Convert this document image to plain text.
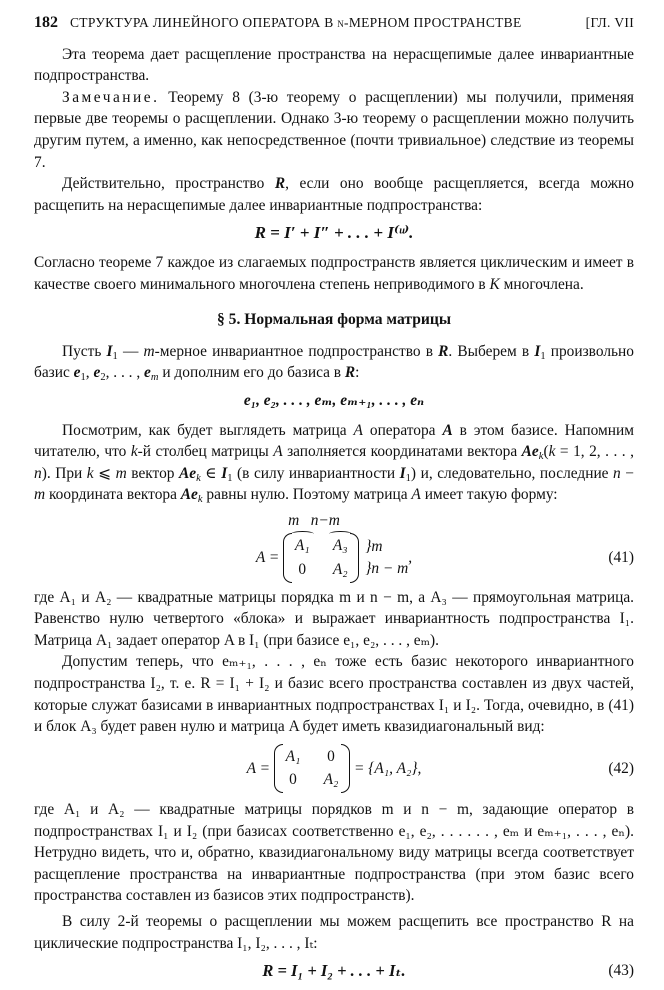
182 СТРУКТУРА ЛИНЕЙНОГО ОПЕРАТОРА В n-МЕРНОМ ПРОСТРАНСТВЕ	[ГЛ. VII

Эта теорема дает расщепление пространства на нерасщепимые далее инвариантные подпространства.

Замечание. Теорему 8 (3-ю теорему о расщеплении) мы получили, применяя первые две теоремы о расщеплении. Однако 3-ю теорему о расщеплении можно получить другим путем, а именно, как непосредственное (почти тривиальное) следствие из теоремы 7.

Действительно, пространство R, если оно вообще расщепляется, всегда можно расщепить на нерасщепимые далее инвариантные подпространства:

R = I′ + I″ + . . . + I⁽ᵘ⁾.

Согласно теореме 7 каждое из слагаемых подпространств является циклическим и имеет в качестве своего минимального многочлена степень неприводимого в K многочлена.

§ 5. Нормальная форма матрицы

Пусть $I_1$ — m-мерное инвариантное подпространство в R. Выберем в $I_1$ произвольно базис $e_1$, $e_2$, . . . , $e_m$ и дополним его до базиса в R:

e₁, e₂, . . . , eₘ, eₘ₊₁, . . . , eₙ

Посмотрим, как будет выглядеть матрица A оператора A в этом базисе. Напомним читателю, что k-й столбец матрицы A заполняется координатами вектора $Ae_k(k = 1$, 2, . . . , n). При k ⩽ m вектор $Ae_k$ ∈ $I_1$ (в силу инвариантности $I_1$) и, следовательно, последние n − m координата вектора $Ae_k$ равны нулю. Поэтому матрица A имеет такую форму:

m   n−m
A =
A₁ A₃
0	A₂
}m
}n − m
,	(41)

где A₁ и A₂ — квадратные матрицы порядка m и n − m, а A₃ — прямоугольная матрица. Равенство нулю четвертого «блока» и выражает инвариантность подпространства I₁. Матрица A₁ задает оператор A в I₁ (при базисе e₁, e₂, . . . , eₘ).

Допустим теперь, что eₘ₊₁, . . . , eₙ тоже есть базис некоторого инвариантного подпространства I₂, т. е. R = I₁ + I₂ и базис всего пространства составлен из двух частей, которые служат базисами в инвариантных подпространствах I₁ и I₂. Тогда, очевидно, в (41) и блок A₃ будет равен нулю и матрица A будет иметь квазидиагональный вид:

A =
A₁	0
0	A₂
= {A₁, A₂},	(42)

где A₁ и A₂ — квадратные матрицы порядков m и n − m, задающие оператор в подпространствах I₁ и I₂ (при базисах соответственно e₁, e₂, . . . . . . , eₘ и eₘ₊₁, . . . , eₙ). Нетрудно видеть, что и, обратно, квазидиагональному виду матрицы всегда соответствует расщепление пространства на инвариантные подпространства (при этом базис всего пространства составлен из базисов этих подпространств).

В силу 2-й теоремы о расщеплении мы можем расщепить все пространство R на циклические подпространства I₁, I₂, . . . , Iₜ:

R = I₁ + I₂ + . . . + Iₜ.	(43)
